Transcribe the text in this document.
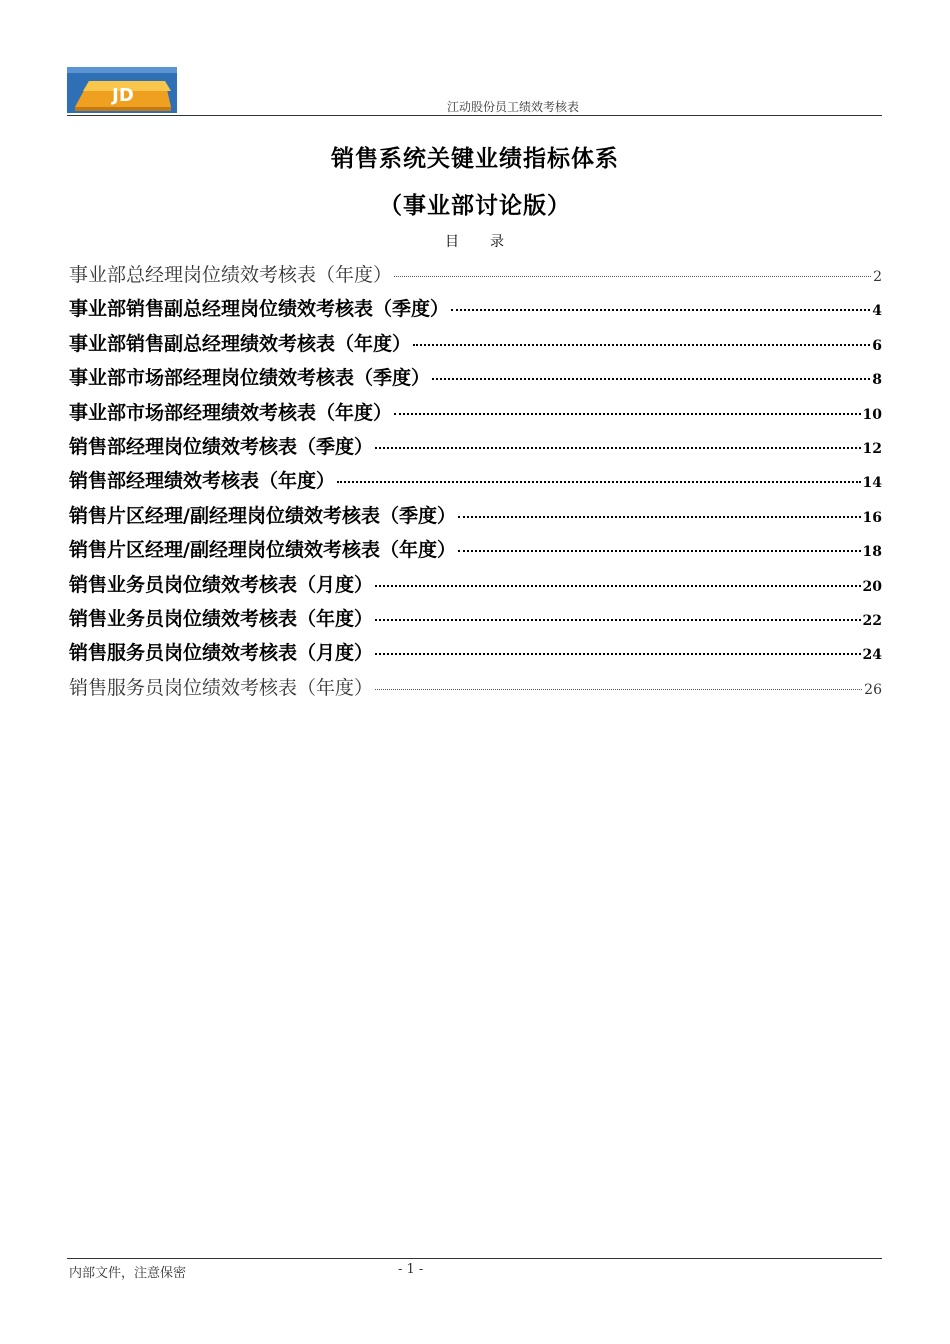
JD
江动股份员工绩效考核表
销售系统关键业绩指标体系
（事业部讨论版）
目 录
事业部总经理岗位绩效考核表（年度）	2
事业部销售副总经理岗位绩效考核表（季度）	4
事业部销售副总经理绩效考核表（年度）	6
事业部市场部经理岗位绩效考核表（季度）	8
事业部市场部经理绩效考核表（年度）	10
销售部经理岗位绩效考核表（季度）	12
销售部经理绩效考核表（年度）	14
销售片区经理/副经理岗位绩效考核表（季度）	16
销售片区经理/副经理岗位绩效考核表（年度）	18
销售业务员岗位绩效考核表（月度）	20
销售业务员岗位绩效考核表（年度）	22
销售服务员岗位绩效考核表（月度）	24
销售服务员岗位绩效考核表（年度）	26
内部文件，注意保密	- 1 -
